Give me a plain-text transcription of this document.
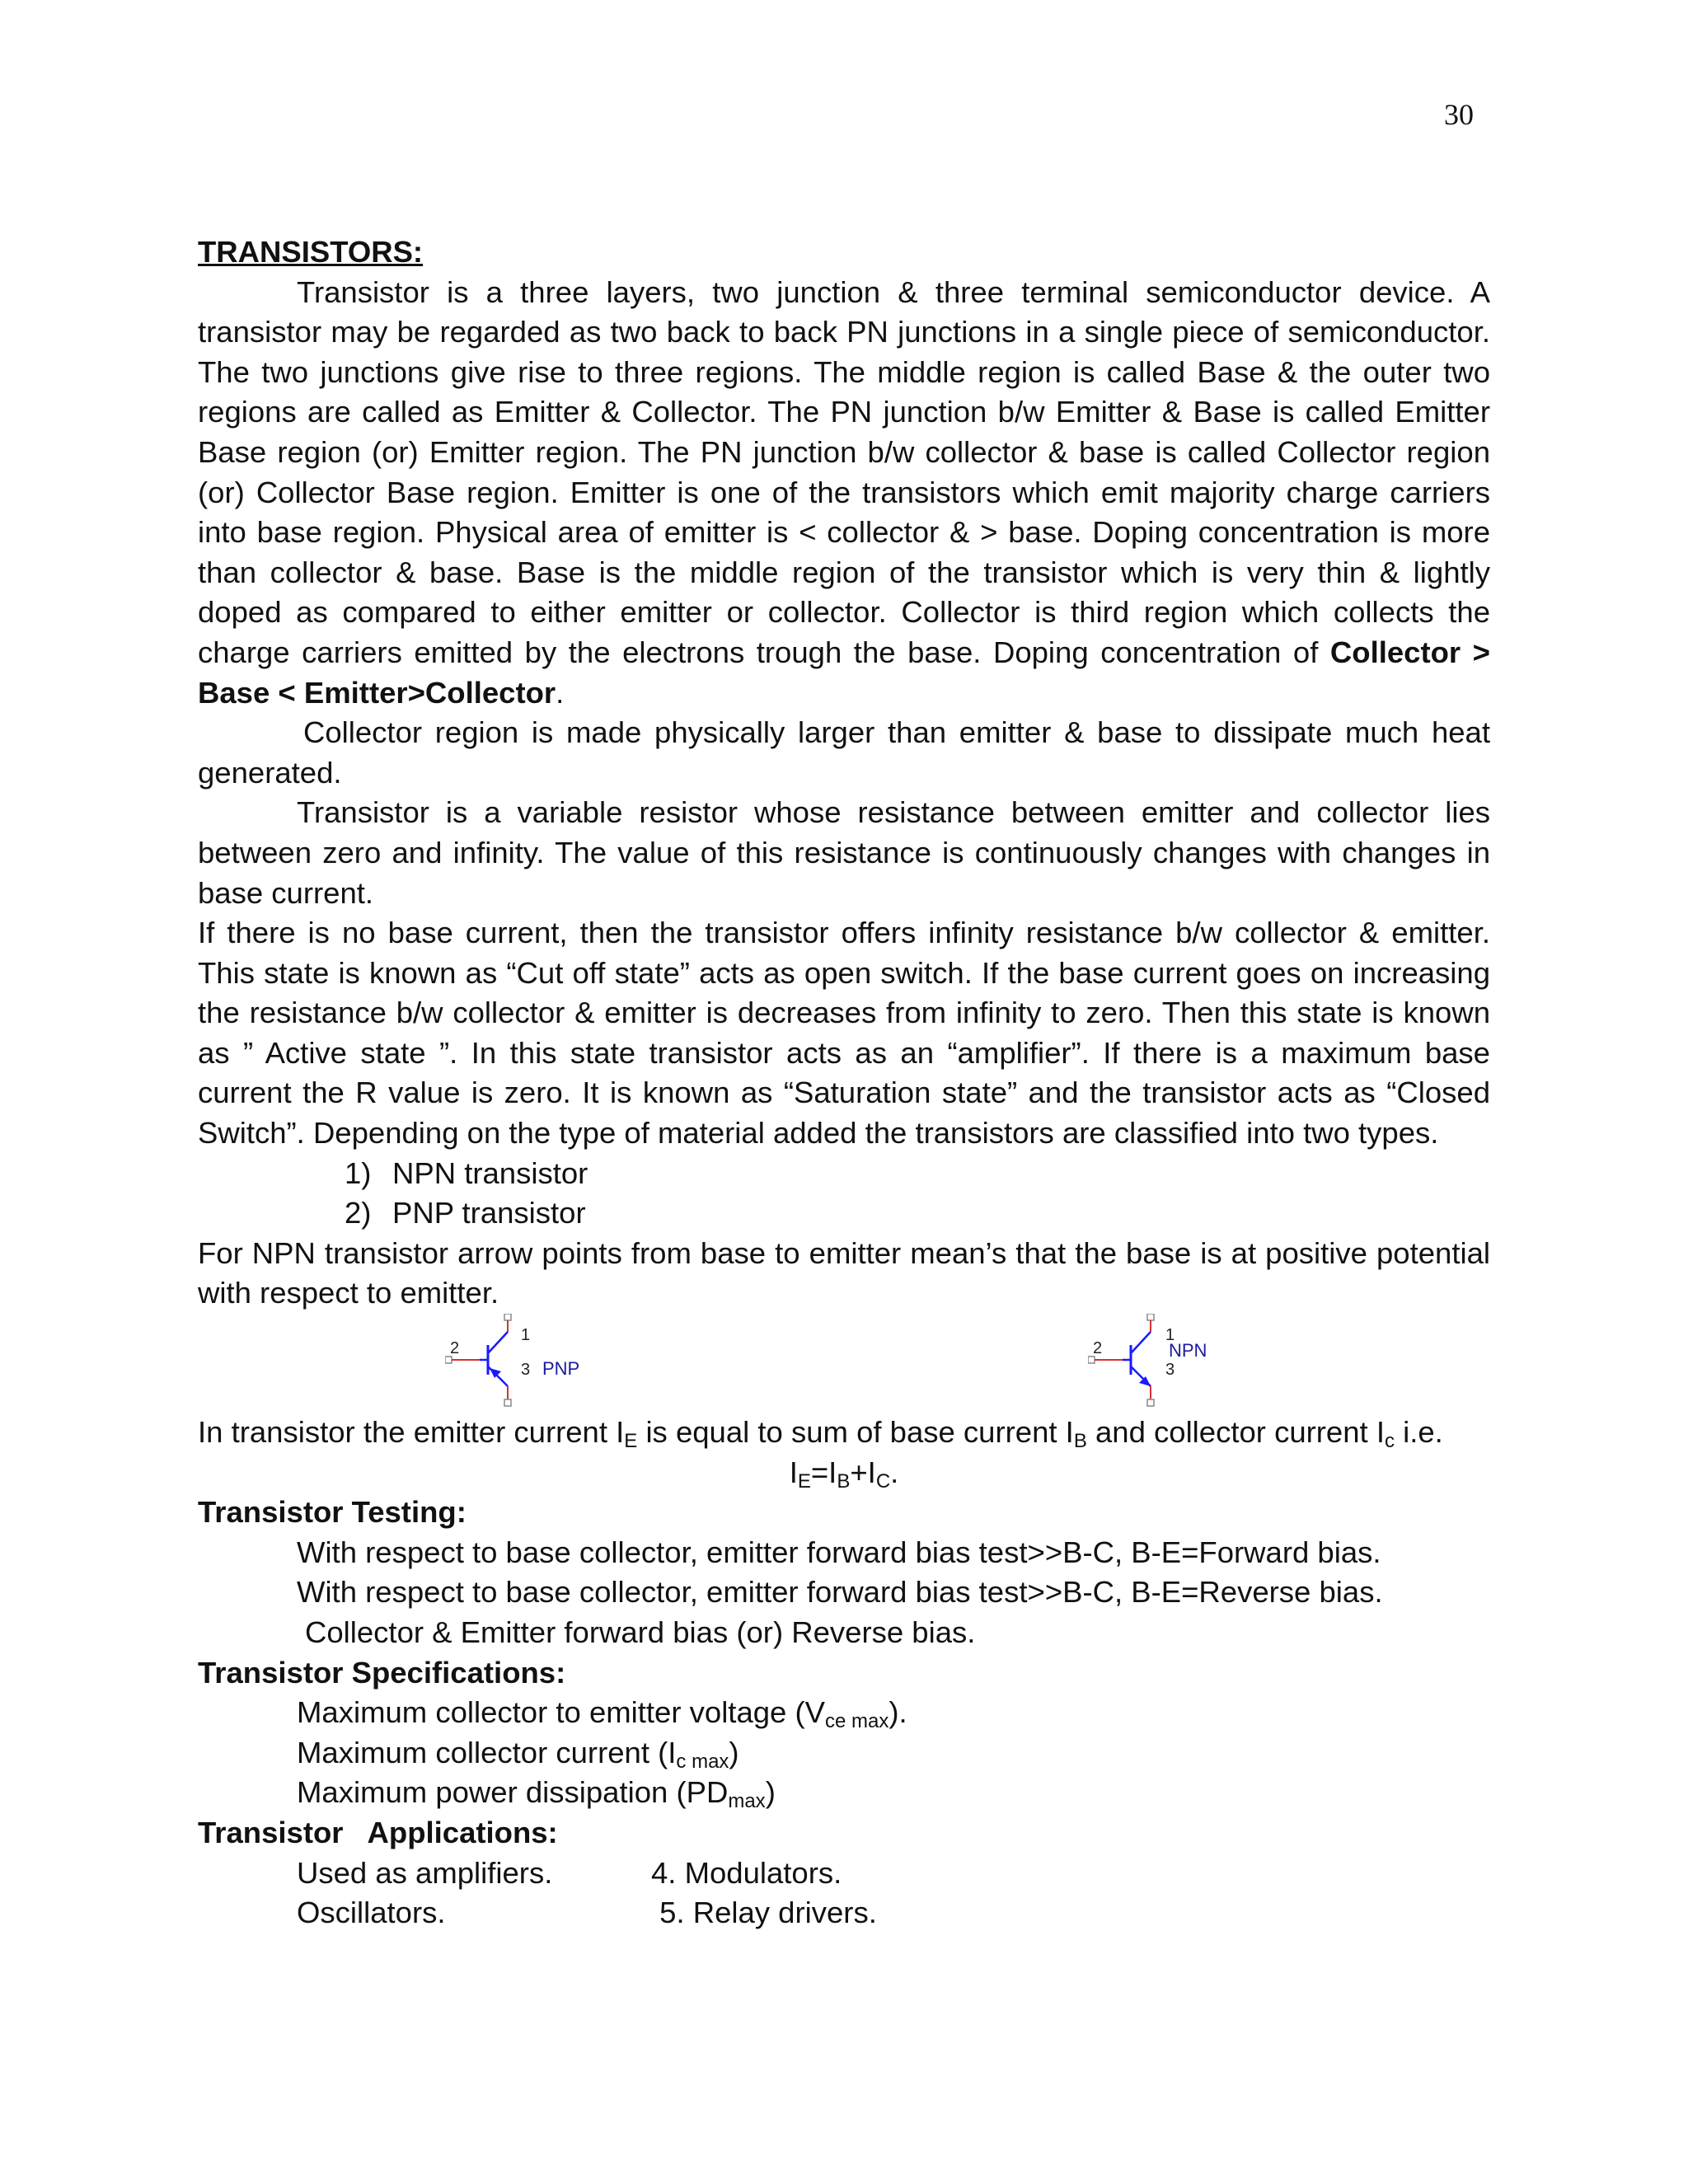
30
TRANSISTORS:

Transistor is a three layers, two junction & three terminal semiconductor device. A transistor may be regarded as two back to back PN junctions in a single piece of semiconductor. The two junctions give rise to three regions. The middle region is called Base & the outer two regions are called as Emitter & Collector. The PN junction b/w Emitter & Base is called Emitter Base region (or) Emitter region. The PN junction b/w collector & base is called Collector region (or) Collector Base region. Emitter is one of the transistors which emit majority charge carriers into base region. Physical area of emitter is < collector & > base. Doping concentration is more than collector & base. Base is the middle region of the transistor which is very thin & lightly doped as compared to either emitter or collector. Collector is third region which collects the charge carriers emitted by the electrons trough the base. Doping concentration of Collector > Base < Emitter>Collector.

Collector region is made physically larger than emitter & base to dissipate much heat generated.

Transistor is a variable resistor whose resistance between emitter and collector lies between zero and infinity. The value of this resistance is continuously changes with changes in base current.

If there is no base current, then the transistor offers infinity resistance b/w collector & emitter. This state is known as “Cut off state” acts as open switch. If the base current goes on increasing the resistance b/w collector & emitter is decreases from infinity to zero. Then this state is known as ” Active state ”. In this state transistor acts as an “amplifier”. If there is a maximum base current the R value is zero. It is known as “Saturation state” and the transistor acts as “Closed Switch”. Depending on the type of material added the transistors are classified into two types.

1) NPN transistor
2) PNP transistor

For NPN transistor arrow points from base to emitter mean’s that the base is at positive potential with respect to emitter.

2
1
3 PNP
2
1
3
NPN

In transistor the emitter current $I_E$ is equal to sum of base current $I_B$ and collector current $I_c$ i.e.

$I_E=I_B+I_C$.

Transistor Testing:
With respect to base collector, emitter forward bias test>>B-C, B-E=Forward bias.
With respect to base collector, emitter forward bias test>>B-C, B-E=Reverse bias.
Collector & Emitter forward bias (or) Reverse bias.
Transistor Specifications:
Maximum collector to emitter voltage $(V_{ce max})$.
Maximum collector current $(I_{c max})$
Maximum power dissipation $(PD_{max})$
Transistor   Applications:
Used as amplifiers.	4. Modulators.
Oscillators.	5. Relay drivers.
